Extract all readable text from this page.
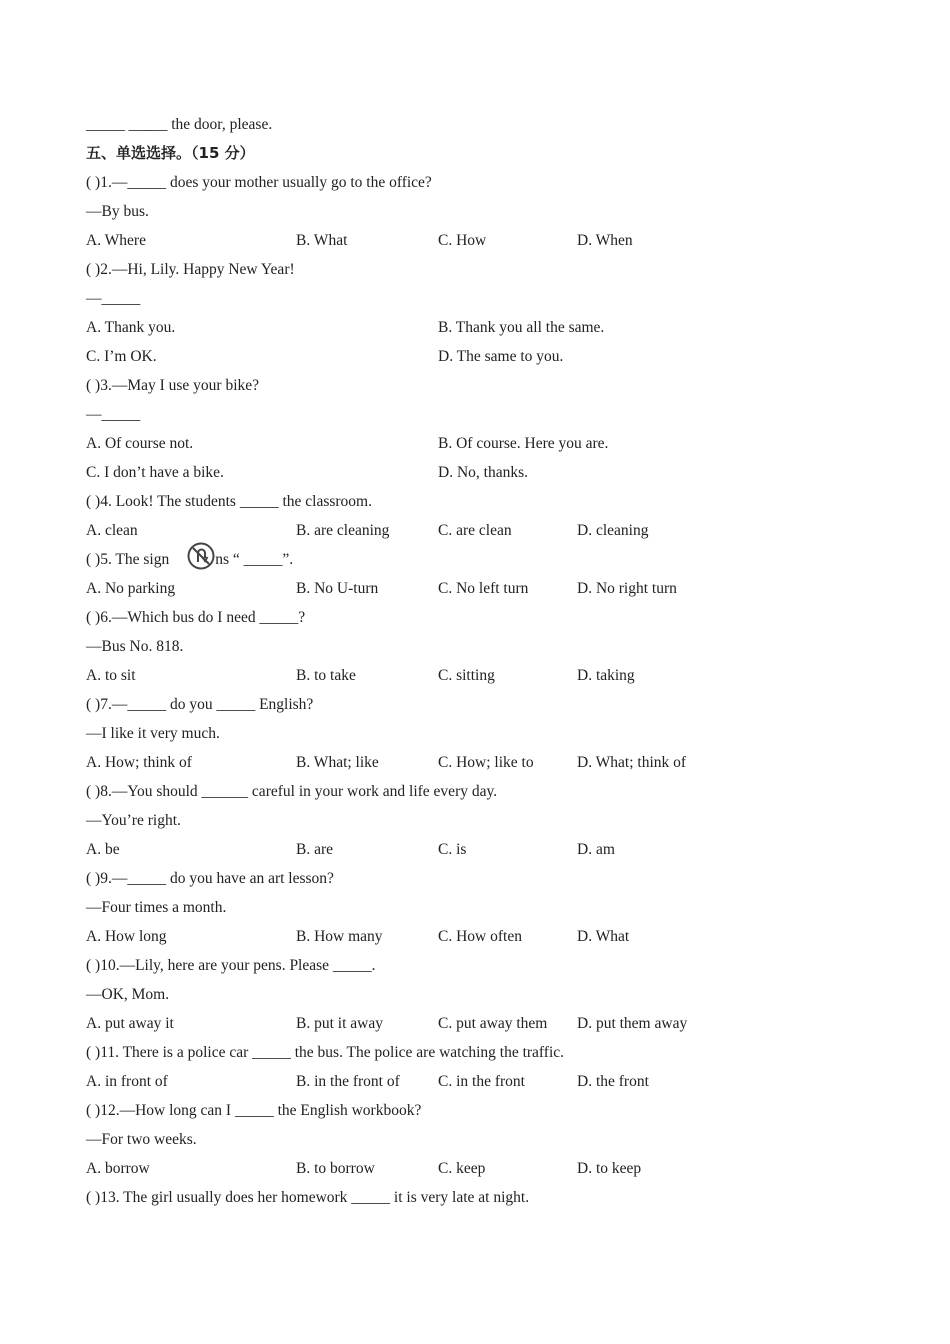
_____ _____ the door, please.
五、单选选择。（15 分）
( )1.—_____ does your mother usually go to the office?
—By bus.
A. Where	B. What	C. How	D. When
( )2.—Hi, Lily. Happy New Year!
—_____
A. Thank you.	B. Thank you all the same.
C. I’m OK.	D. The same to you.
( )3.—May I use your bike?
—_____
A. Of course not.	B. Of course. Here you are.
C. I don’t have a bike.	D. No, thanks.
( )4. Look! The students _____ the classroom.
A. clean	B. are cleaning	C. are clean	D. cleaning
( )5. The sign	ns “ _____”.
A. No parking	B. No U-turn	C. No left turn	D. No right turn
( )6.—Which bus do I need _____?
—Bus No. 818.
A. to sit	B. to take	C. sitting	D. taking
( )7.—_____ do you _____ English?
—I like it very much.
A. How; think of	B. What; like	C. How; like to	D. What; think of
( )8.—You should ______ careful in your work and life every day.
—You’re right.
A. be	B. are	C. is	D. am
( )9.—_____ do you have an art lesson?
—Four times a month.
A. How long	B. How many	C. How often	D. What
( )10.—Lily, here are your pens. Please _____.
—OK, Mom.
A. put away it	B. put it away	C. put away them D. put them away
( )11. There is a police car _____ the bus. The police are watching the traffic.
A. in front of	B. in the front of C. in the front	D. the front
( )12.—How long can I _____ the English workbook?
—For two weeks.
A. borrow	B. to borrow	C. keep	D. to keep
( )13. The girl usually does her homework _____ it is very late at night.
